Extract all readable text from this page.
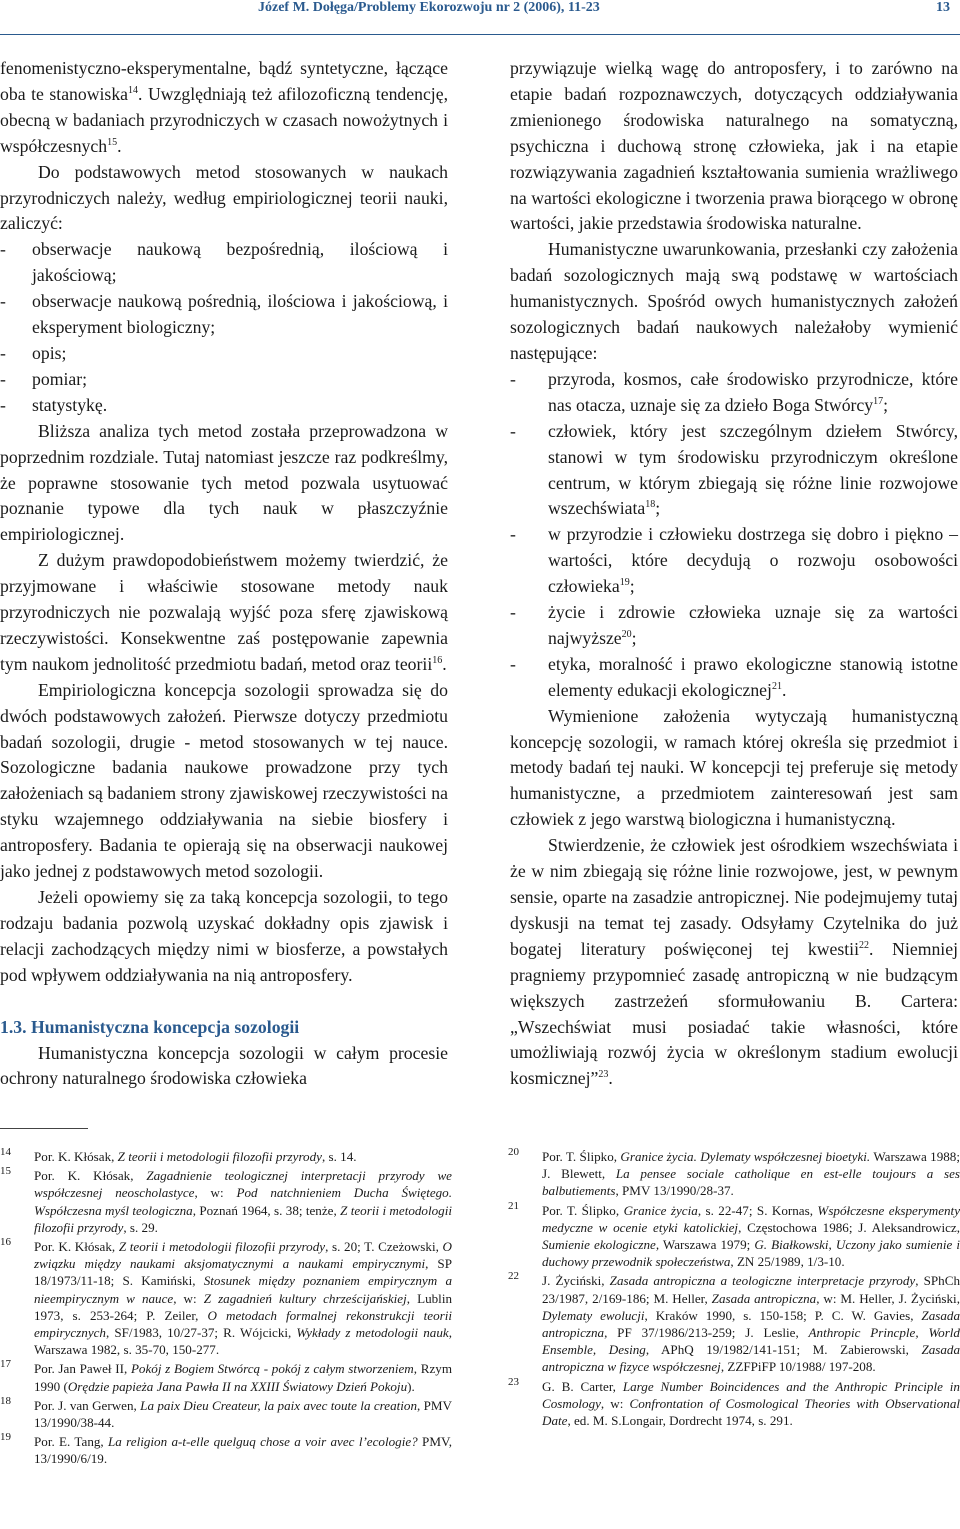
Józef M. Dołęga/Problemy Ekorozwoju nr 2 (2006), 11-23	13

fenomenistyczno-eksperymentalne, bądź syntetyczne, łączące oba te stanowiska$^{14}$. Uwzględniają też afilozoficzną tendencję, obecną w badaniach przyrodniczych w czasach nowożytnych i współczesnych$^{15}$.

Do podstawowych metod stosowanych w naukach przyrodniczych należy, według empiriologicznej teorii nauki, zaliczyć:

- obserwacje naukową bezpośrednią, ilościową i jakościową;
- obserwacje naukową pośrednią, ilościowa i jakościową, i eksperyment biologiczny;
- opis;
- pomiar;
- statystykę.

Bliższa analiza tych metod została przeprowadzona w poprzednim rozdziale. Tutaj natomiast jeszcze raz podkreślmy, że poprawne stosowanie tych metod pozwala usytuować poznanie typowe dla tych nauk w płaszczyźnie empiriologicznej.

Z dużym prawdopodobieństwem możemy twierdzić, że przyjmowane i właściwie stosowane metody nauk przyrodniczych nie pozwalają wyjść poza sferę zjawiskową rzeczywistości. Konsekwentne zaś postępowanie zapewnia tym naukom jednolitość przedmiotu badań, metod oraz teorii$^{16}$.

Empiriologiczna koncepcja sozologii sprowadza się do dwóch podstawowych założeń. Pierwsze dotyczy przedmiotu badań sozologii, drugie - metod stosowanych w tej nauce. Sozologiczne badania naukowe prowadzone przy tych założeniach są badaniem strony zjawiskowej rzeczywistości na styku wzajemnego oddziaływania na siebie biosfery i antroposfery. Badania te opierają się na obserwacji naukowej jako jednej z podstawowych metod sozologii.

Jeżeli opowiemy się za taką koncepcja sozologii, to tego rodzaju badania pozwolą uzyskać dokładny opis zjawisk i relacji zachodzących między nimi w biosferze, a powstałych pod wpływem oddziaływania na nią antroposfery.

1.3. Humanistyczna koncepcja sozologii

Humanistyczna koncepcja sozologii w całym procesie ochrony naturalnego środowiska człowieka

przywiązuje wielką wagę do antroposfery, i to zarówno na etapie badań rozpoznawczych, dotyczących oddziaływania zmienionego środowiska naturalnego na somatyczną, psychiczna i duchową stronę człowieka, jak i na etapie rozwiązywania zagadnień kształtowania sumienia wrażliwego na wartości ekologiczne i tworzenia prawa biorącego w obronę wartości, jakie przedstawia środowiska naturalne.

Humanistyczne uwarunkowania, przesłanki czy założenia badań sozologicznych mają swą podstawę w wartościach humanistycznych. Spośród owych humanistycznych założeń sozologicznych badań naukowych należałoby wymienić następujące:

- przyroda, kosmos, całe środowisko przyrodnicze, które nas otacza, uznaje się za dzieło Boga Stwórcy$^{17}$;
- człowiek, który jest szczególnym dziełem Stwórcy, stanowi w tym środowisku przyrodniczym określone centrum, w którym zbiegają się różne linie rozwojowe wszechświata$^{18}$;
- w przyrodzie i człowieku dostrzega się dobro i piękno – wartości, które decydują o rozwoju osobowości człowieka$^{19}$;
- życie i zdrowie człowieka uznaje się za wartości najwyższe$^{20}$;
- etyka, moralność i prawo ekologiczne stanowią istotne elementy edukacji ekologicznej$^{21}$.

Wymienione założenia wytyczają humanistyczną koncepcję sozologii, w ramach której określa się przedmiot i metody badań tej nauki. W koncepcji tej preferuje się metody humanistyczne, a przedmiotem zainteresowań jest sam człowiek z jego warstwą biologiczna i humanistyczną.

Stwierdzenie, że człowiek jest ośrodkiem wszechświata i że w nim zbiegają się różne linie rozwojowe, jest, w pewnym sensie, oparte na zasadzie antropicznej. Nie podejmujemy tutaj dyskusji na temat tej zasady. Odsyłamy Czytelnika do już bogatej literatury poświęconej tej kwestii$^{22}$. Niemniej pragniemy przypomnieć zasadę antropiczną w nie budzącym większych zastrzeżeń sformułowaniu B. Cartera: „Wszechświat musi posiadać takie własności, które umożliwiają rozwój życia w określonym stadium ewolucji kosmicznej”$^{23}$.

14 Por. K. Kłósak, Z teorii i metodologii filozofii przyrody, s. 14.
15 Por. K. Kłósak, Zagadnienie teologicznej interpretacji przyrody we współczesnej neoscholastyce, w: Pod natchnieniem Ducha Świętego. Współczesna myśl teologiczna, Poznań 1964, s. 38; tenże, Z teorii i metodologii filozofii przyrody, s. 29.
16 Por. K. Kłósak, Z teorii i metodologii filozofii przyrody, s. 20; T. Czeżowski, O związku między naukami aksjomatycznymi a naukami empirycznymi, SP 18/1973/11-18; S. Kamiński, Stosunek między poznaniem empirycznym a nieempirycznym w nauce, w: Z zagadnień kultury chrześcijańskiej, Lublin 1973, s. 253-264; P. Zeiler, O metodach formalnej rekonstrukcji teorii empirycznych, SF/1983, 10/27-37; R. Wójcicki, Wykłady z metodologii nauk, Warszawa 1982, s. 35-70, 150-277.
17 Por. Jan Paweł II, Pokój z Bogiem Stwórcą - pokój z całym stworzeniem, Rzym 1990 (Orędzie papieża Jana Pawła II na XXIII Światowy Dzień Pokoju).
18 Por. J. van Gerwen, La paix Dieu Createur, la paix avec toute la creation, PMV 13/1990/38-44.
19 Por. E. Tang, La religion a-t-elle quelguq chose a voir avec l’ecologie? PMV, 13/1990/6/19.
20 Por. T. Ślipko, Granice życia. Dylematy współczesnej bioetyki. Warszawa 1988; J. Blewett, La pensee sociale catholique en est-elle toujours a ses balbutiements, PMV 13/1990/28-37.
21 Por. T. Ślipko, Granice życia, s. 22-47; S. Kornas, Współczesne eksperymenty medyczne w ocenie etyki katolickiej, Częstochowa 1986; J. Aleksandrowicz, Sumienie ekologiczne, Warszawa 1979; G. Białkowski, Uczony jako sumienie i duchowy przewodnik społeczeństwa, ZN 25/1989, 1/3-10.
22 J. Życiński, Zasada antropiczna a teologiczne interpretacje przyrody, SPhCh 23/1987, 2/169-186; M. Heller, Zasada antropiczna, w: M. Heller, J. Życiński, Dylematy ewolucji, Kraków 1990, s. 150-158; P. C. W. Gavies, Zasada antropiczna, PF 37/1986/213-259; J. Leslie, Anthropic Princple, World Ensemble, Desing, APhQ 19/1982/141-151; M. Zabierowski, Zasada antropiczna w fizyce współczesnej, ZZFPiFP 10/1988/ 197-208.
23 G. B. Carter, Large Number Boincidences and the Anthropic Principle in Cosmology, w: Confrontation of Cosmological Theories with Observational Date, ed. M. S.Longair, Dordrecht 1974, s. 291.
